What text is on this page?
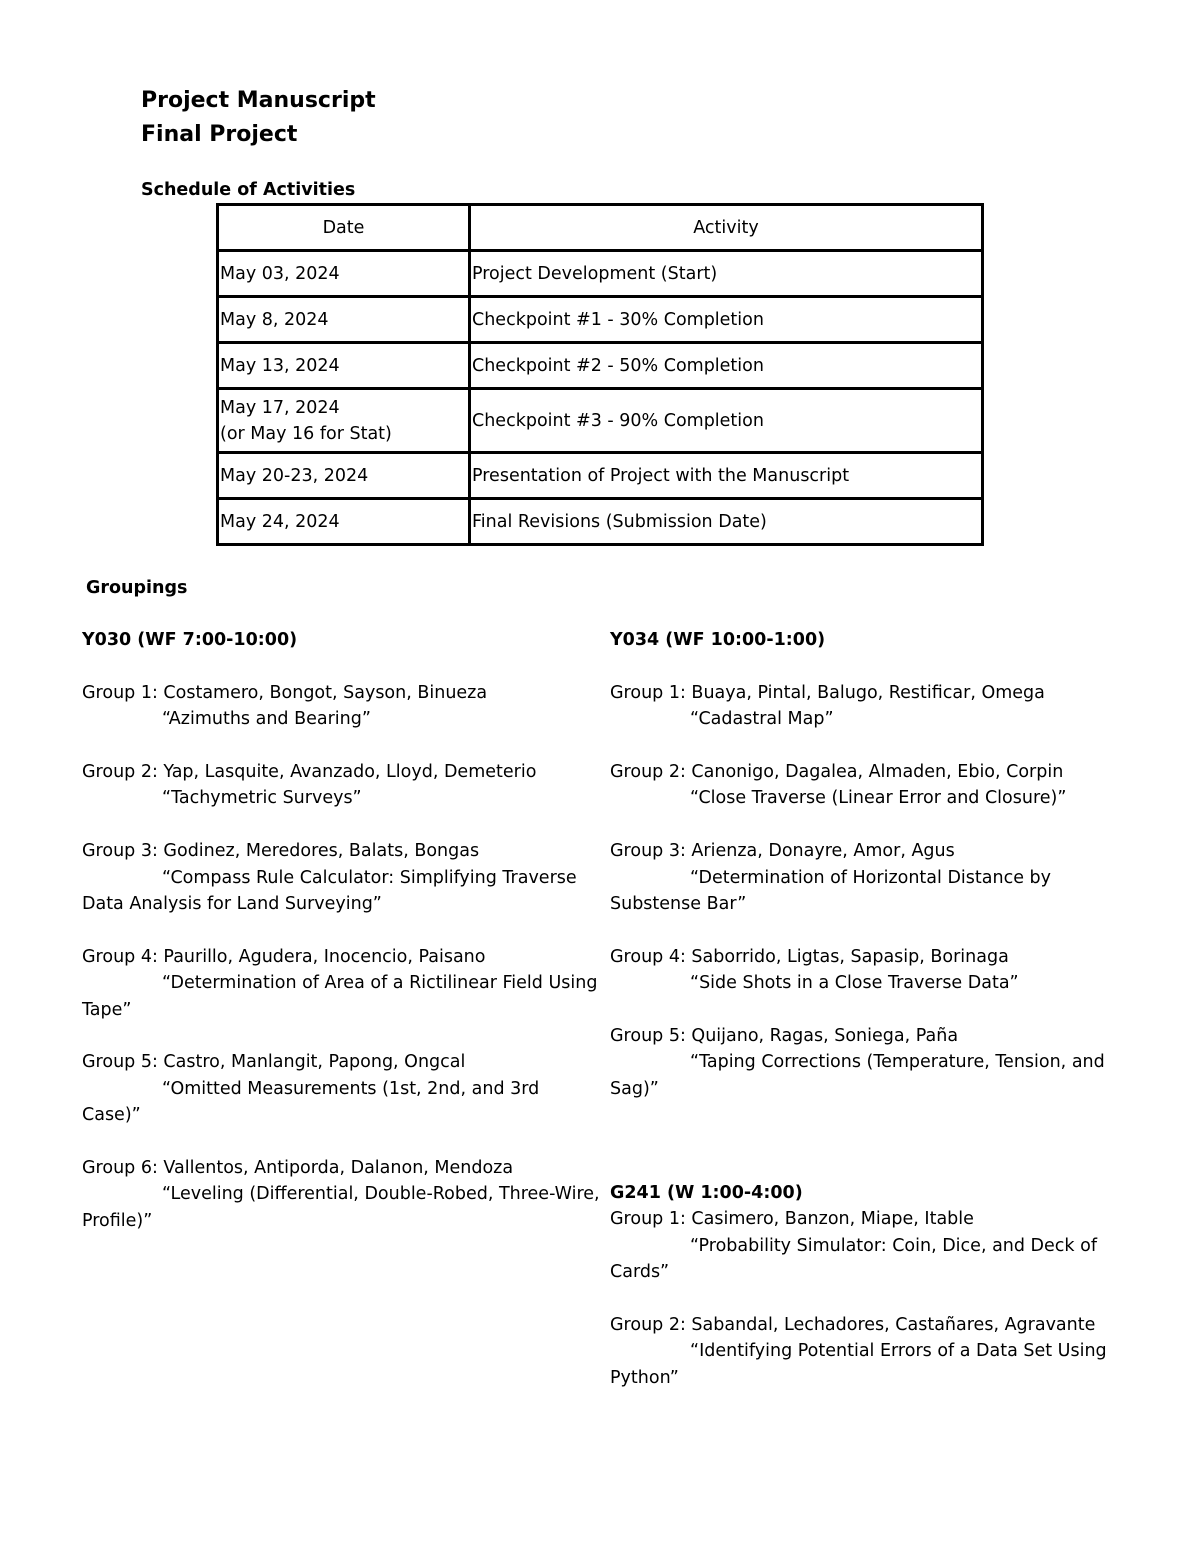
Project Manuscript
Final Project
Schedule of Activities
Date	Activity

May 03, 2024	Project Development (Start)

May 8, 2024	Checkpoint #1 - 30% Completion

May 13, 2024	Checkpoint #2 - 50% Completion

May 17, 2024
(or May 16 for Stat)	Checkpoint #3 - 90% Completion

May 20-23, 2024	Presentation of Project with the Manuscript

May 24, 2024	Final Revisions (Submission Date)
Groupings
Y030 (WF 7:00-10:00)
Group 1: Costamero, Bongot, Sayson, Binueza
“Azimuths and Bearing”
Group 2: Yap, Lasquite, Avanzado, Lloyd, Demeterio
“Tachymetric Surveys”
Group 3: Godinez, Meredores, Balats, Bongas
“Compass Rule Calculator: Simplifying Traverse Data Analysis for Land Surveying”
Group 4: Paurillo, Agudera, Inocencio, Paisano
“Determination of Area of a Rictilinear Field Using Tape”
Group 5: Castro, Manlangit, Papong, Ongcal
“Omitted Measurements (1st, 2nd, and 3rd Case)”
Group 6: Vallentos, Antiporda, Dalanon, Mendoza
“Leveling (Differential, Double-Robed, Three-Wire, Profile)”
Y034 (WF 10:00-1:00)
Group 1: Buaya, Pintal, Balugo, Restificar, Omega
“Cadastral Map”
Group 2: Canonigo, Dagalea, Almaden, Ebio, Corpin
“Close Traverse (Linear Error and Closure)”
Group 3: Arienza, Donayre, Amor, Agus
“Determination of Horizontal Distance by Substense Bar”
Group 4: Saborrido, Ligtas, Sapasip, Borinaga
“Side Shots in a Close Traverse Data”
Group 5: Quijano, Ragas, Soniega, Paña
“Taping Corrections (Temperature, Tension, and Sag)”
G241 (W 1:00-4:00)
Group 1: Casimero, Banzon, Miape, Itable
“Probability Simulator: Coin, Dice, and Deck of Cards”
Group 2: Sabandal, Lechadores, Castañares, Agravante
“Identifying Potential Errors of a Data Set Using Python”
